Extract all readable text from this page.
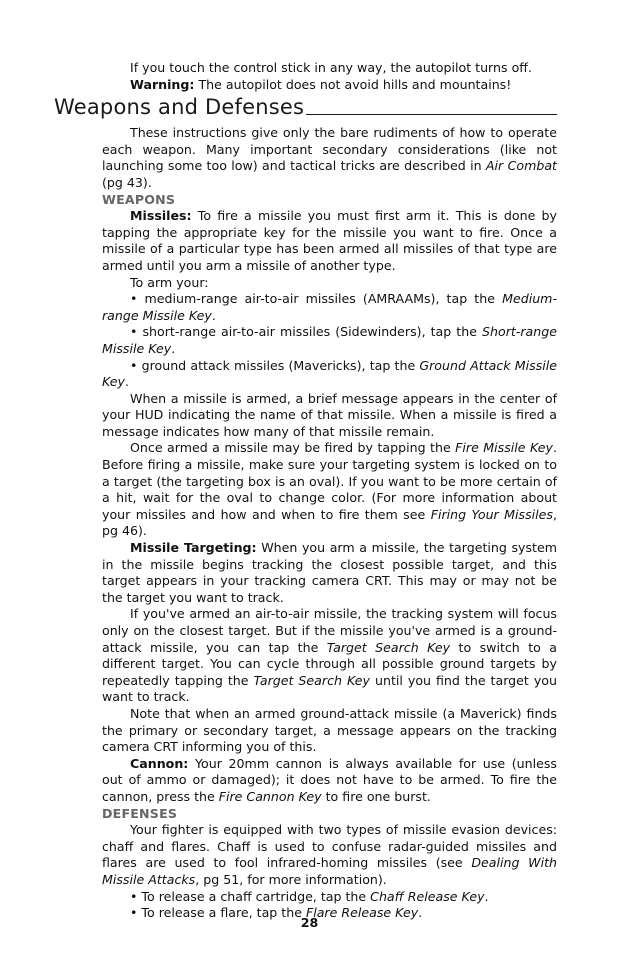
If you touch the control stick in any way, the autopilot turns off.

Warning: The autopilot does not avoid hills and mountains!

Weapons and Defenses

These instructions give only the bare rudiments of how to operate each weapon. Many important secondary considerations (like not launching some too low) and tactical tricks are described in Air Combat (pg 43).

WEAPONS

Missiles: To fire a missile you must first arm it. This is done by tapping the appropriate key for the missile you want to fire. Once a missile of a particular type has been armed all missiles of that type are armed until you arm a missile of another type.

To arm your:

• medium-range air-to-air missiles (AMRAAMs), tap the Medium-range Missile Key.

• short-range air-to-air missiles (Sidewinders), tap the Short-range Missile Key.

• ground attack missiles (Mavericks), tap the Ground Attack Missile Key.

When a missile is armed, a brief message appears in the center of your HUD indicating the name of that missile. When a missile is fired a message indicates how many of that missile remain.

Once armed a missile may be fired by tapping the Fire Missile Key. Before firing a missile, make sure your targeting system is locked on to a target (the targeting box is an oval). If you want to be more certain of a hit, wait for the oval to change color. (For more information about your missiles and how and when to fire them see Firing Your Missiles, pg 46).

Missile Targeting: When you arm a missile, the targeting system in the missile begins tracking the closest possible target, and this target appears in your tracking camera CRT. This may or may not be the target you want to track.

If you've armed an air-to-air missile, the tracking system will focus only on the closest target. But if the missile you've armed is a ground-attack missile, you can tap the Target Search Key to switch to a different target. You can cycle through all possible ground targets by repeatedly tapping the Target Search Key until you find the target you want to track.

Note that when an armed ground-attack missile (a Maverick) finds the primary or secondary target, a message appears on the tracking camera CRT informing you of this.

Cannon: Your 20mm cannon is always available for use (unless out of ammo or damaged); it does not have to be armed. To fire the cannon, press the Fire Cannon Key to fire one burst.

DEFENSES

Your fighter is equipped with two types of missile evasion devices: chaff and flares. Chaff is used to confuse radar-guided missiles and flares are used to fool infrared-homing missiles (see Dealing With Missile Attacks, pg 51, for more information).

• To release a chaff cartridge, tap the Chaff Release Key.

• To release a flare, tap the Flare Release Key.

28
